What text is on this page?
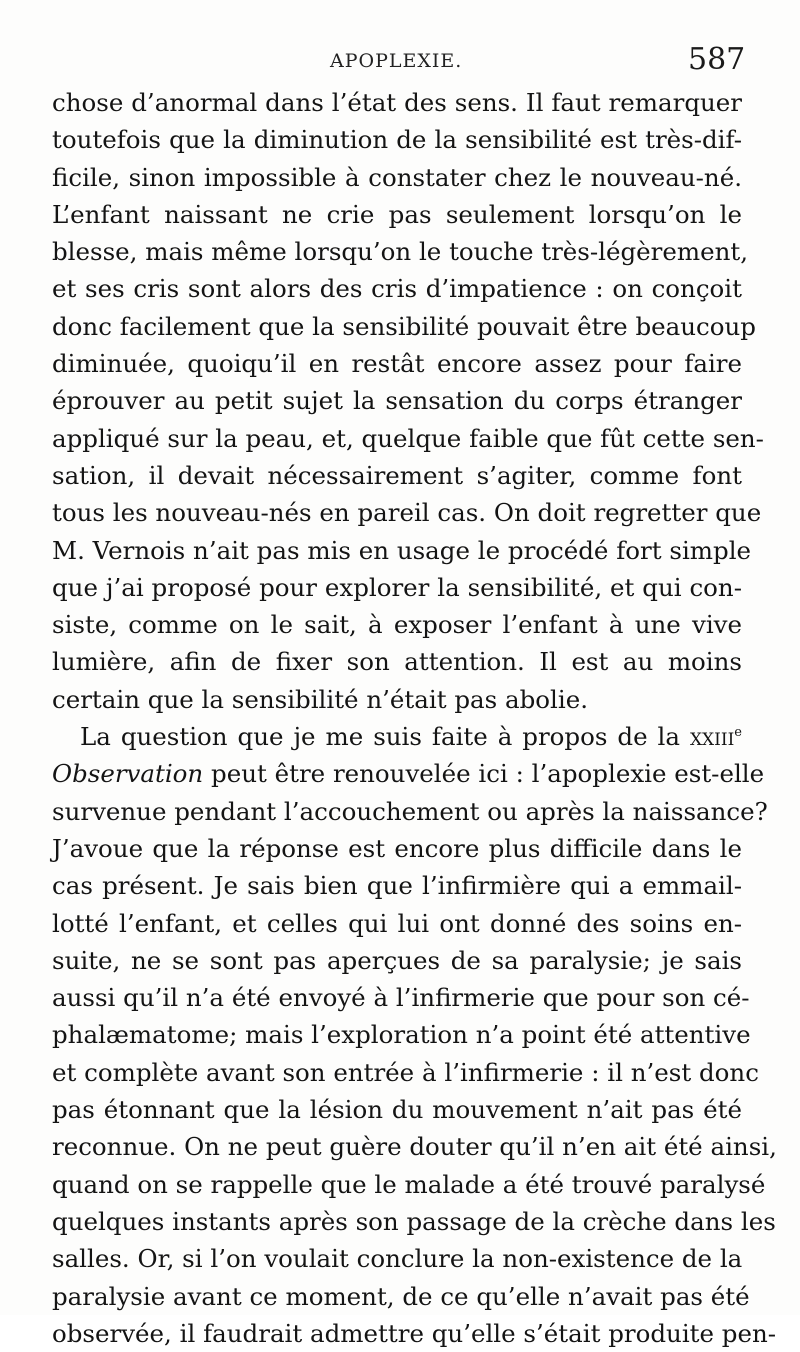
APOPLEXIE.	587
chose d’anormal dans l’état des sens. Il faut remarquer
toutefois que la diminution de la sensibilité est très-dif-
ficile, sinon impossible à constater chez le nouveau-né.
L’enfant naissant ne crie pas seulement lorsqu’on le
blesse, mais même lorsqu’on le touche très-légèrement,
et ses cris sont alors des cris d’impatience : on conçoit
donc facilement que la sensibilité pouvait être beaucoup
diminuée, quoiqu’il en restât encore assez pour faire
éprouver au petit sujet la sensation du corps étranger
appliqué sur la peau, et, quelque faible que fût cette sen-
sation, il devait nécessairement s’agiter, comme font
tous les nouveau-nés en pareil cas. On doit regretter que
M. Vernois n’ait pas mis en usage le procédé fort simple
que j’ai proposé pour explorer la sensibilité, et qui con-
siste, comme on le sait, à exposer l’enfant à une vive
lumière, afin de fixer son attention. Il est au moins
certain que la sensibilité n’était pas abolie.
La question que je me suis faite à propos de la xxiii$^e$
Observation peut être renouvelée ici : l’apoplexie est-elle
survenue pendant l’accouchement ou après la naissance?
J’avoue que la réponse est encore plus difficile dans le
cas présent. Je sais bien que l’infirmière qui a emmail-
lotté l’enfant, et celles qui lui ont donné des soins en-
suite, ne se sont pas aperçues de sa paralysie; je sais
aussi qu’il n’a été envoyé à l’infirmerie que pour son cé-
phalæmatome; mais l’exploration n’a point été attentive
et complète avant son entrée à l’infirmerie : il n’est donc
pas étonnant que la lésion du mouvement n’ait pas été
reconnue. On ne peut guère douter qu’il n’en ait été ainsi,
quand on se rappelle que le malade a été trouvé paralysé
quelques instants après son passage de la crèche dans les
salles. Or, si l’on voulait conclure la non-existence de la
paralysie avant ce moment, de ce qu’elle n’avait pas été
observée, il faudrait admettre qu’elle s’était produite pen-
